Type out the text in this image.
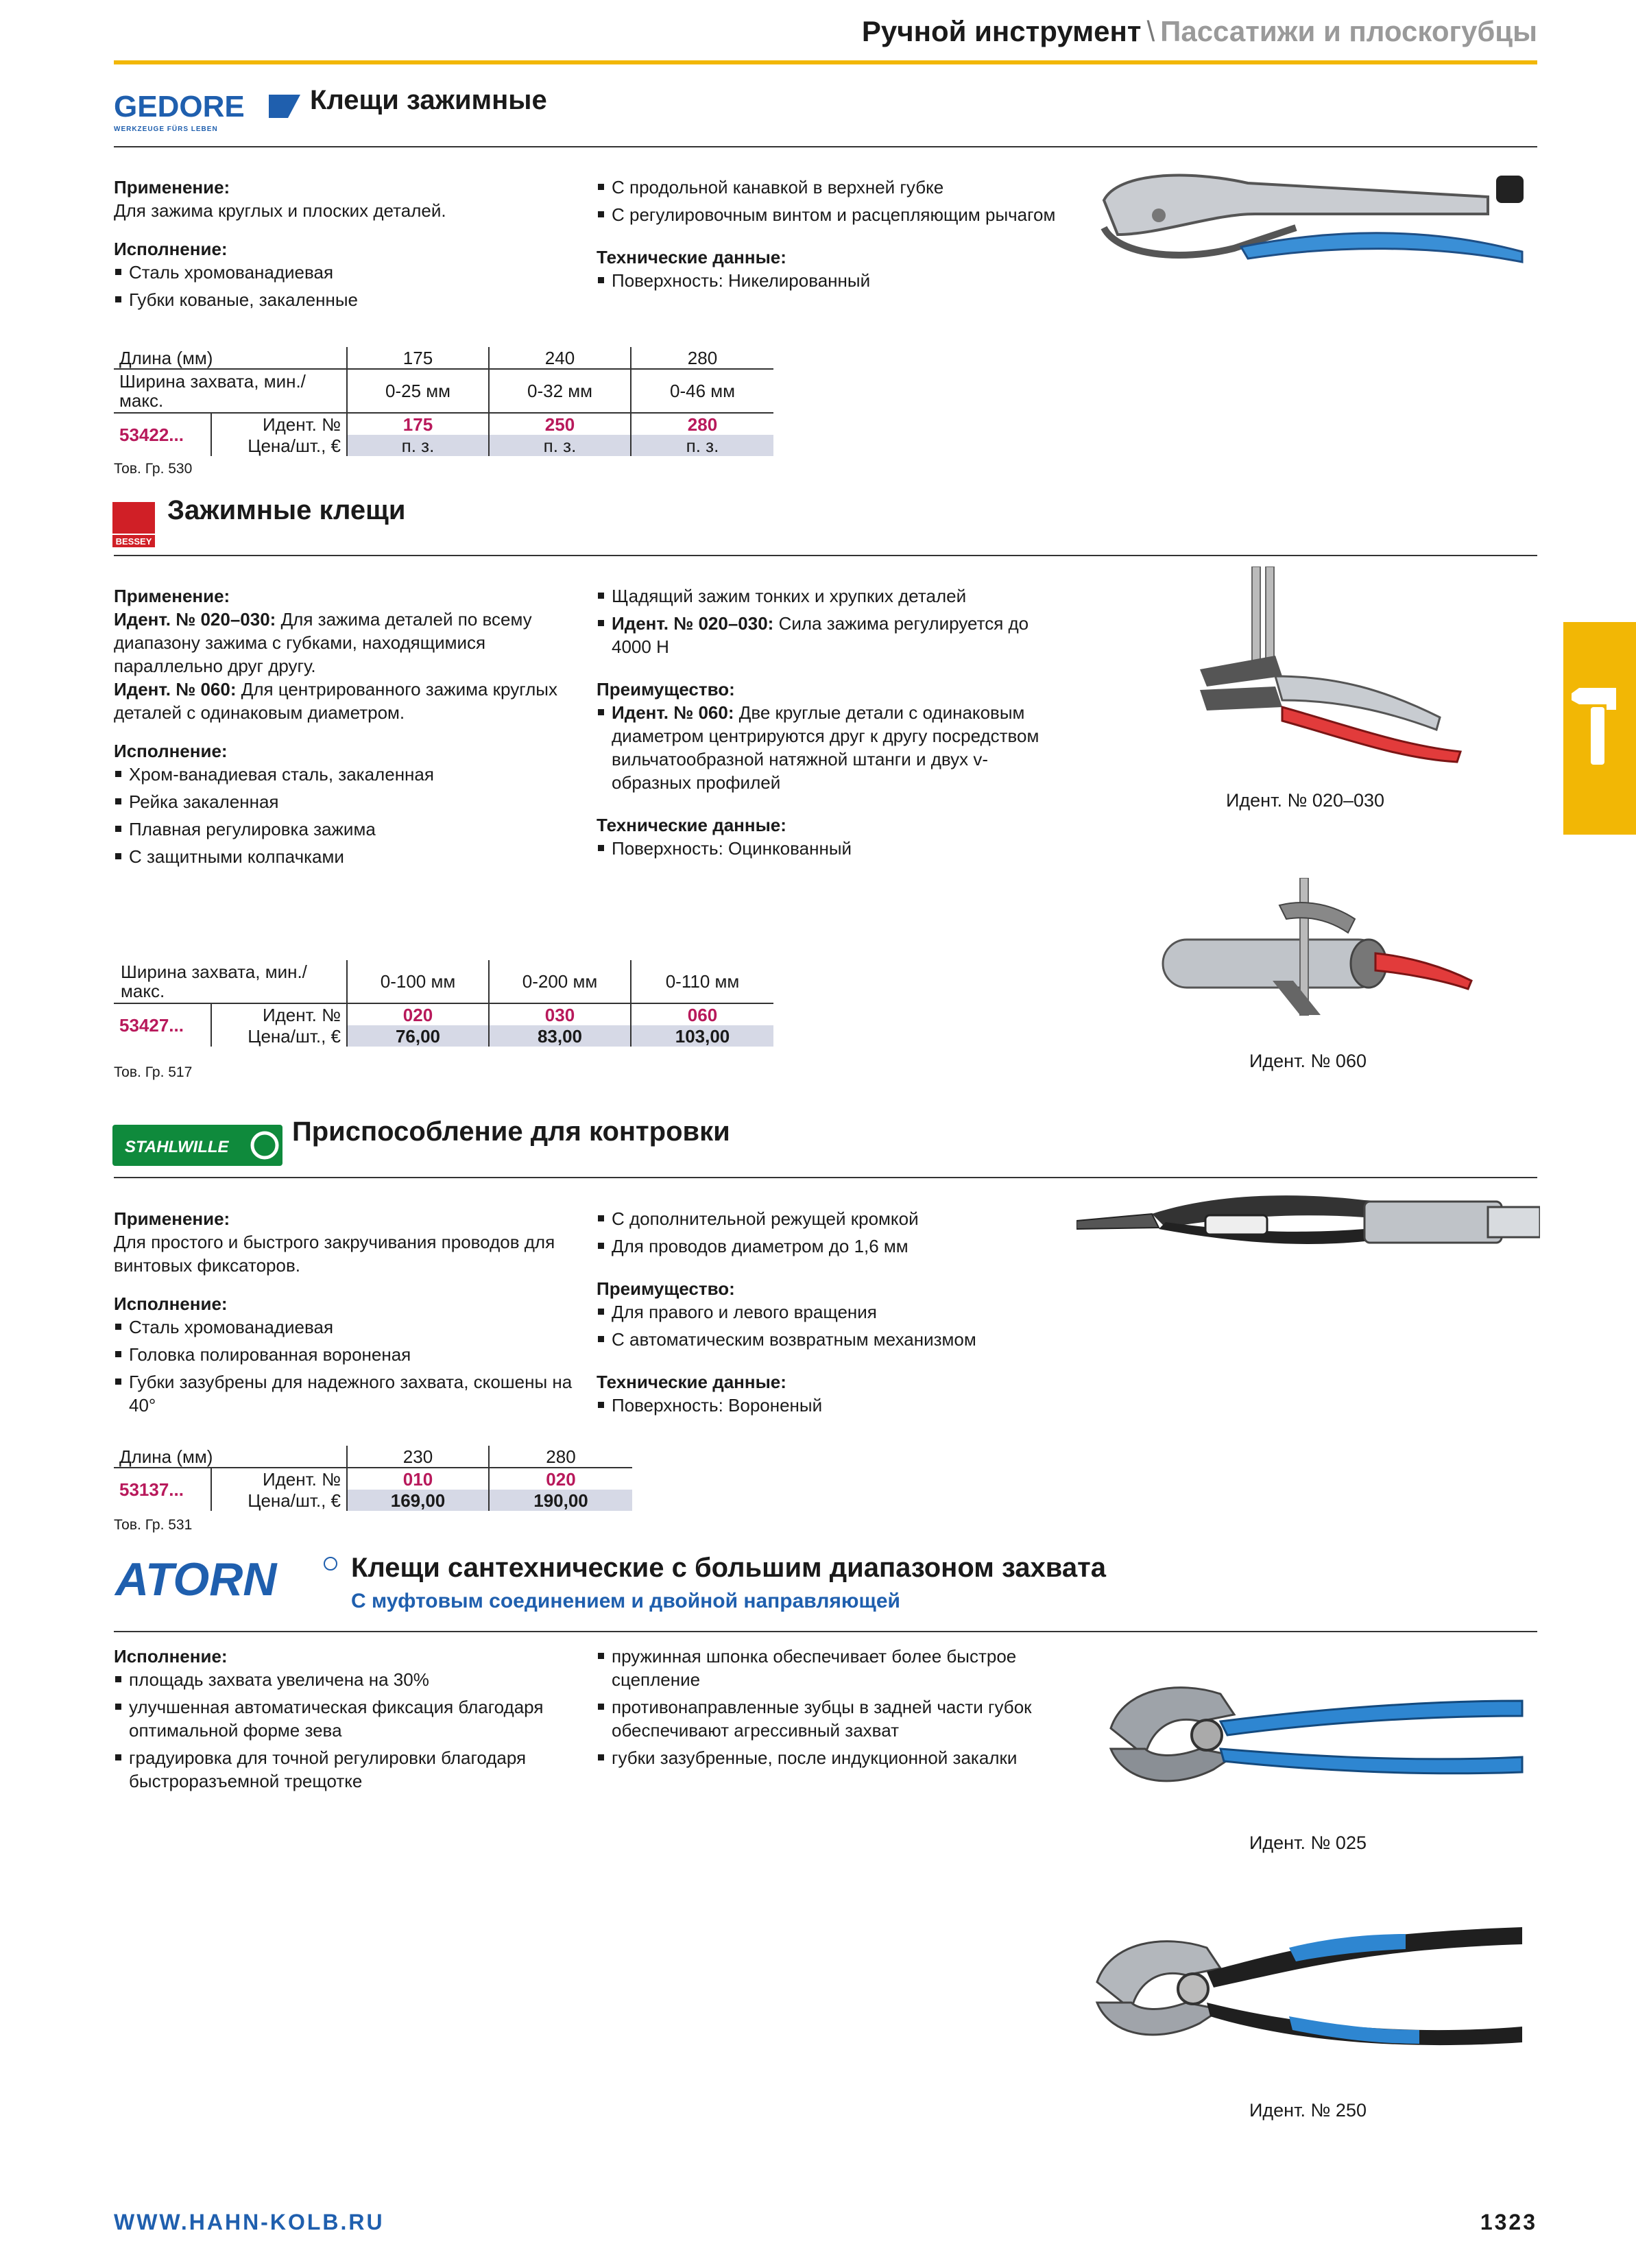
Ручной инструмент \ Пассатижи и плоскогубцы
GEDORE
WERKZEUGE FÜRS LEBEN
Клещи зажимные

Применение:

Для зажима круглых и плоских деталей.

Исполнение:

Сталь хромованадиевая
Губки кованые, закаленные
С продольной канавкой в верхней губке
С регулировочным винтом и расцепляющим рычагом

Технические данные:

Поверхность: Никелированный
Длина (мм)		175	240	280
Ширина захвата, мин./макс.		0-25 мм	0-32 мм	0-46 мм
53422...	Идент. №	175	250	280
	Цена/шт., €	п. з.	п. з.	п. з.
Тов. Гр. 530
BESSEY
Зажимные клещи

Применение:

Идент. № 020–030: Для зажима деталей по всему диапазону зажима с губками, находящимися параллельно друг другу.

Идент. № 060: Для центрированного зажима круглых деталей с одинаковым диаметром.

Исполнение:

Хром-ванадиевая сталь, закаленная
Рейка закаленная
Плавная регулировка зажима
С защитными колпачками
Щадящий зажим тонких и хрупких деталей
Идент. № 020–030: Сила зажима регулируется до 4000 Н

Преимущество:

Идент. № 060: Две круглые детали с одинаковым диаметром центрируются друг к другу посредством вильчатообразной натяжной штанги и двух v-образных профилей

Технические данные:

Поверхность: Оцинкованный
Идент. № 020–030
Идент. № 060
Ширина захвата, мин./макс.		0-100 мм	0-200 мм	0-110 мм
53427...	Идент. №	020	030	060
	Цена/шт., €	76,00	83,00	103,00
Тов. Гр. 517
STAHLWILLE
Приспособление для контровки

Применение:

Для простого и быстрого закручивания проводов для винтовых фиксаторов.

Исполнение:

Сталь хромованадиевая
Головка полированная вороненая
Губки зазубрены для надежного захвата, скошены на 40°
С дополнительной режущей кромкой
Для проводов диаметром до 1,6 мм

Преимущество:

Для правого и левого вращения
С автоматическим возвратным механизмом

Технические данные:

Поверхность: Вороненый
Длина (мм)		230	280
53137...	Идент. №	010	020
	Цена/шт., €	169,00	190,00
Тов. Гр. 531
ATORN	Клещи сантехнические с большим диапазоном захвата
С муфтовым соединением и двойной направляющей

Исполнение:

площадь захвата увеличена на 30%
улучшенная автоматическая фиксация благодаря оптимальной форме зева
градуировка для точной регулировки благодаря быстроразъемной трещотке
пружинная шпонка обеспечивает более быстрое сцепление
противонаправленные зубцы в задней части губок обеспечивают агрессивный захват
губки зазубренные, после индукционной закалки
Идент. № 025
Идент. № 250
WWW.HAHN-KOLB.RU	1323
